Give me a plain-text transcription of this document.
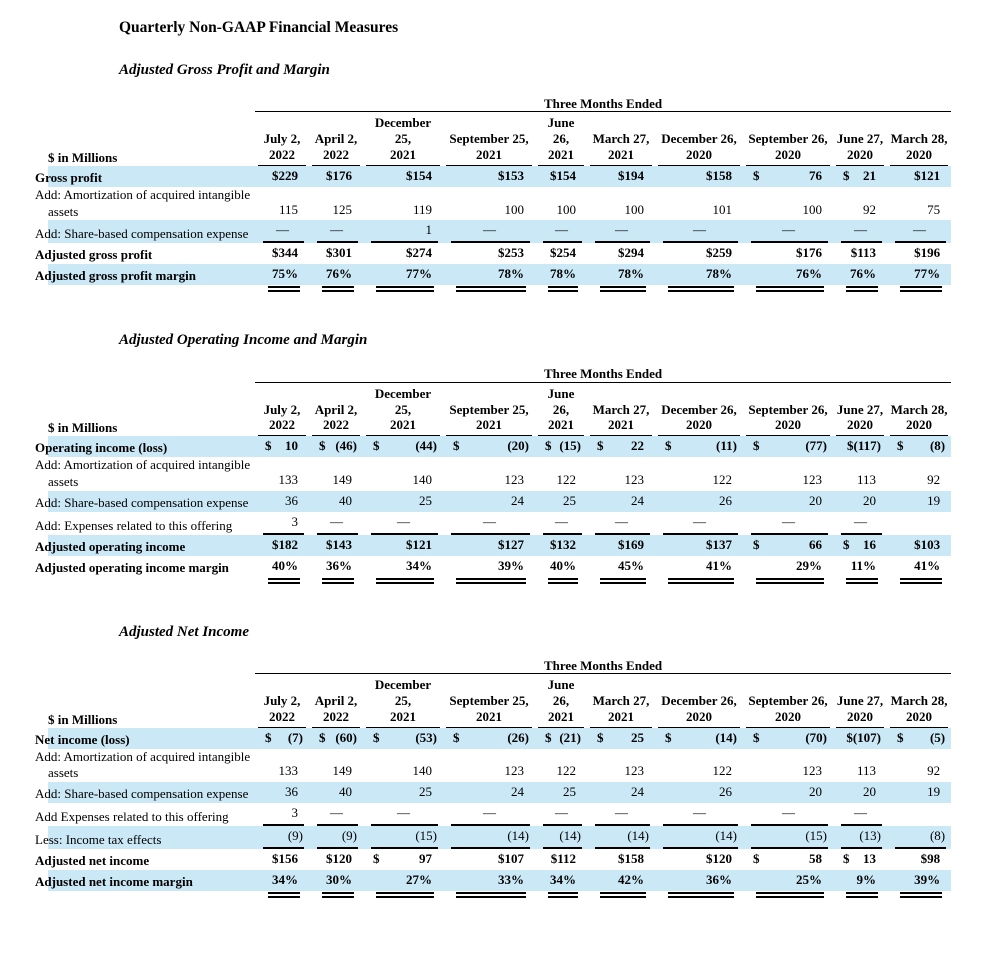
Quarterly Non-GAAP Financial Measures
Adjusted Gross Profit and Margin
	Three Months Ended									
$ in Millions	
July 2,
2022

April 2,
2022

December 25,
2021

September 25,
2021

June 26,
2021

March 27,
2021

December 26,
2020

September 26,
2020

June 27,
2020

March 28,
2020

Gross profit	$229	$176	$154	$153	$154	$194	$158	$ 76	$ 21	$121

Add: Amortization of acquired intangible assets	115	125	119	100	100	100	101	100	92	75

Add: Share-based compensation expense	—	—	1	—	—	—	—	—	—	—

Adjusted gross profit	$344	$301	$274	$253	$254	$294	$259	$176	$113	$196

Adjusted gross profit margin	75%	76%	77%	78%	78%	78%	78%	76%	76%	77%

Adjusted Operating Income and Margin
	Three Months Ended									
$ in Millions	
July 2,
2022

April 2,
2022

December 25,
2021

September 25,
2021

June 26,
2021

March 27,
2021

December 26,
2020

September 26,
2020

June 27,
2020

March 28,
2020

Operating income (loss)	$ 10	$ (46)	$ (44)	$ (20)	$ (15)	$ 22	$ (11)	$ (77)	$(117)	$ (8)

Add: Amortization of acquired intangible assets	133	149	140	123	122	123	122	123	113	92

Add: Share-based compensation expense	36	40	25	24	25	24	26	20	20	19

Add: Expenses related to this offering	3	—	—	—	—	—	—	—	—	

Adjusted operating income	$182	$143	$121	$127	$132	$169	$137	$ 66	$ 16	$103

Adjusted operating income margin	40%	36%	34%	39%	40%	45%	41%	29%	11%	41%

Adjusted Net Income
	Three Months Ended									
$ in Millions	
July 2,
2022

April 2,
2022

December 25,
2021

September 25,
2021

June 26,
2021

March 27,
2021

December 26,
2020

September 26,
2020

June 27,
2020

March 28,
2020

Net income (loss)	$ (7)	$ (60)	$ (53)	$ (26)	$ (21)	$ 25	$ (14)	$ (70)	$(107)	$ (5)

Add: Amortization of acquired intangible assets	133	149	140	123	122	123	122	123	113	92

Add: Share-based compensation expense	36	40	25	24	25	24	26	20	20	19

Add Expenses related to this offering	3	—	—	—	—	—	—	—	—	

Less: Income tax effects	(9)	(9)	(15)	(14)	(14)	(14)	(14)	(15)	(13)	(8)

Adjusted net income	$156	$120	$ 97	$107	$112	$158	$120	$ 58	$ 13	$98

Adjusted net income margin	34%	30%	27%	33%	34%	42%	36%	25%	9%	39%
